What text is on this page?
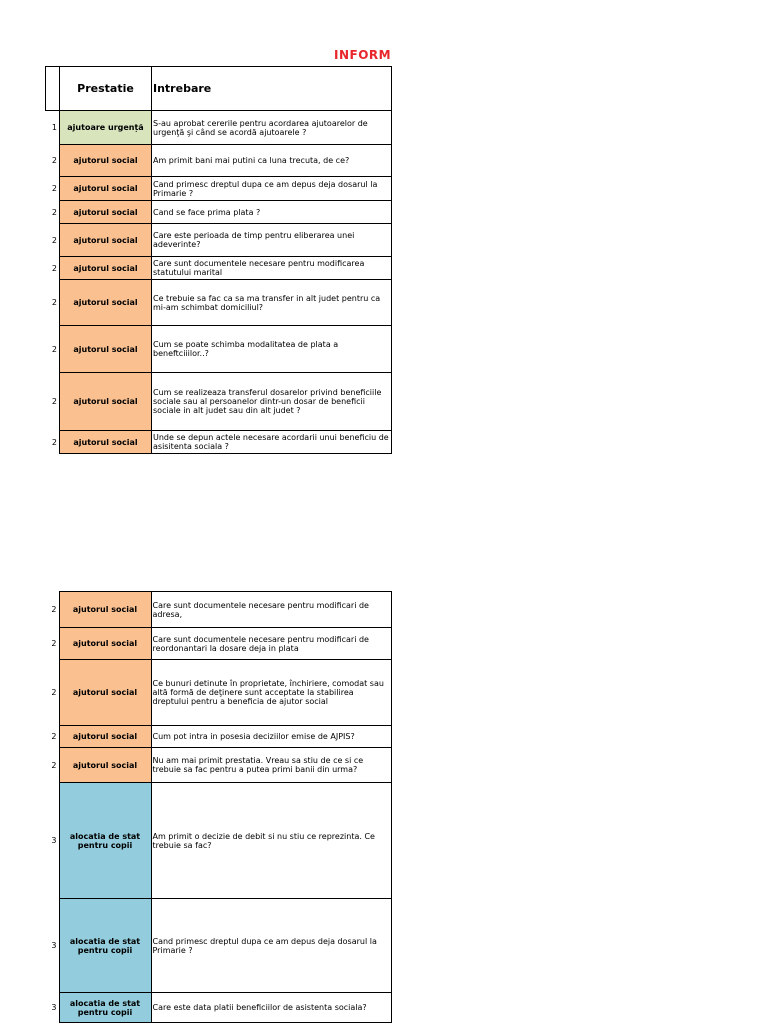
INFORM
	Prestatie	Intrebare
1	ajutoare urgență	S-au aprobat cererile pentru acordarea ajutoarelor de urgenţă şi când se acordă ajutoarele ?
2	ajutorul social	Am primit bani mai putini ca luna trecuta, de ce?
2	ajutorul social	Cand primesc dreptul dupa ce am depus deja dosarul la Primarie ?
2	ajutorul social	Cand se face prima plata ?
2	ajutorul social	Care este perioada de timp pentru eliberarea unei adeverinte?
2	ajutorul social	Care sunt documentele necesare pentru modificarea statutului marital
2	ajutorul social	Ce trebuie sa fac ca sa ma transfer in alt judet pentru ca mi-am schimbat domiciliul?
2	ajutorul social	Cum se poate schimba modalitatea de plata a beneftciiilor..?
2	ajutorul social	Cum se realizeaza transferul dosarelor privind beneficiile sociale sau al persoanelor dintr-un dosar de beneficii sociale in alt judet sau din alt judet ?
2	ajutorul social	Unde se depun actele necesare acordarii unui beneficiu de asisitenta sociala ?
2	ajutorul social	Care sunt documentele necesare pentru modificari de adresa,
2	ajutorul social	Care sunt documentele necesare pentru modificari de reordonantari la dosare deja in plata
2	ajutorul social	Ce bunuri detinute în proprietate, închiriere, comodat sau altă formă de deţinere sunt acceptate la stabilirea dreptului pentru a beneficia de ajutor social
2	ajutorul social	Cum pot intra in posesia deciziilor emise de AJPIS?
2	ajutorul social	Nu am mai primit prestatia. Vreau sa stiu de ce si ce trebuie sa fac pentru a putea primi banii din urma?
3	alocatia de stat pentru copii	Am primit o decizie de debit si nu stiu ce reprezinta. Ce trebuie sa fac?
3	alocatia de stat pentru copii	Cand primesc dreptul dupa ce am depus deja dosarul la Primarie ?
3	alocatia de stat pentru copii	Care este data platii beneficiilor de asistenta sociala?
